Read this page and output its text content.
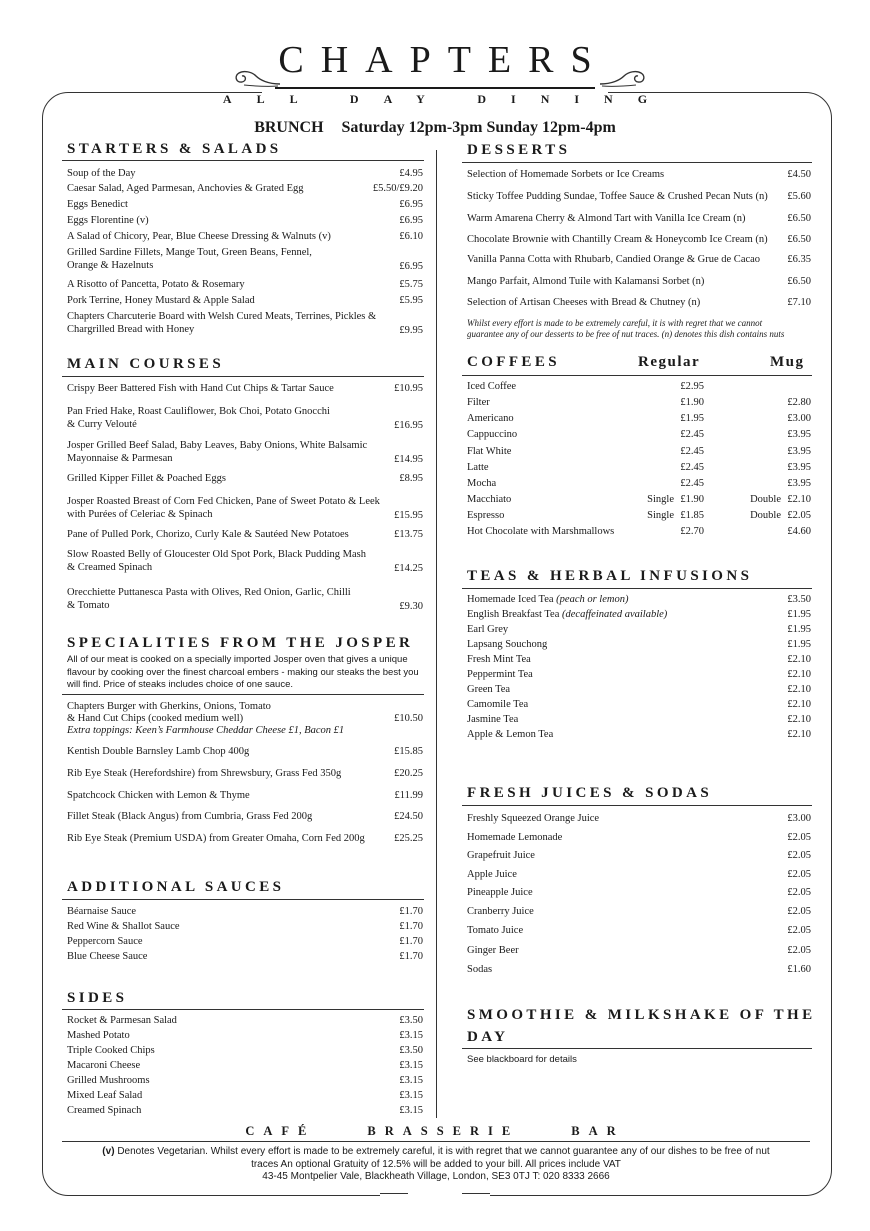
CHAPTERS
ALL DAY DINING
BRUNCH Saturday 12pm-3pm Sunday 12pm-4pm
STARTERS & SALADS
Soup of the Day	£4.95
Caesar Salad, Aged Parmesan, Anchovies & Grated Egg	£5.50/£9.20
Eggs Benedict	£6.95
Eggs Florentine (v)	£6.95
A Salad of Chicory, Pear, Blue Cheese Dressing & Walnuts (v)	£6.10
Grilled Sardine Fillets, Mange Tout, Green Beans, Fennel,
Orange & Hazelnuts	£6.95
A Risotto of Pancetta, Potato & Rosemary	£5.75
Pork Terrine, Honey Mustard & Apple Salad	£5.95
Chapters Charcuterie Board with Welsh Cured Meats, Terrines, Pickles &
Chargrilled Bread with Honey	£9.95
MAIN COURSES
Crispy Beer Battered Fish with Hand Cut Chips & Tartar Sauce	£10.95
Pan Fried Hake, Roast Cauliflower, Bok Choi, Potato Gnocchi
& Curry Velouté	£16.95
Josper Grilled Beef Salad, Baby Leaves, Baby Onions, White Balsamic
Mayonnaise & Parmesan	£14.95
Grilled Kipper Fillet & Poached Eggs	£8.95
Josper Roasted Breast of Corn Fed Chicken, Pane of Sweet Potato & Leek
with Purées of Celeriac & Spinach	£15.95
Pane of Pulled Pork, Chorizo, Curly Kale & Sautéed New Potatoes	£13.75
Slow Roasted Belly of Gloucester Old Spot Pork, Black Pudding Mash
& Creamed Spinach	£14.25
Orecchiette Puttanesca Pasta with Olives, Red Onion, Garlic, Chilli
& Tomato	£9.30
SPECIALITIES FROM THE JOSPER
All of our meat is cooked on a specially imported Josper oven that gives a unique flavour by cooking over the finest charcoal embers - making our steaks the best you will find. Price of steaks includes choice of one sauce.
Chapters Burger with Gherkins, Onions, Tomato
& Hand Cut Chips (cooked medium well)
Extra toppings: Keen’s Farmhouse Cheddar Cheese £1, Bacon £1
£10.50
Kentish Double Barnsley Lamb Chop 400g	£15.85
Rib Eye Steak (Herefordshire) from Shrewsbury, Grass Fed 350g	£20.25
Spatchcock Chicken with Lemon & Thyme	£11.99
Fillet Steak (Black Angus) from Cumbria, Grass Fed 200g	£24.50
Rib Eye Steak (Premium USDA) from Greater Omaha, Corn Fed 200g	£25.25
ADDITIONAL SAUCES
Béarnaise Sauce	£1.70
Red Wine & Shallot Sauce	£1.70
Peppercorn Sauce	£1.70
Blue Cheese Sauce	£1.70
SIDES
Rocket & Parmesan Salad	£3.50
Mashed Potato	£3.15
Triple Cooked Chips	£3.50
Macaroni Cheese	£3.15
Grilled Mushrooms	£3.15
Mixed Leaf Salad	£3.15
Creamed Spinach	£3.15
DESSERTS
Selection of Homemade Sorbets or Ice Creams	£4.50
Sticky Toffee Pudding Sundae, Toffee Sauce & Crushed Pecan Nuts (n) £5.60
Warm Amarena Cherry & Almond Tart with Vanilla Ice Cream (n)	£6.50
Chocolate Brownie with Chantilly Cream & Honeycomb Ice Cream (n) £6.50
Vanilla Panna Cotta with Rhubarb, Candied Orange & Grue de Cacao	£6.35
Mango Parfait, Almond Tuile with Kalamansi Sorbet (n)	£6.50
Selection of Artisan Cheeses with Bread & Chutney (n)	£7.10
Whilst every effort is made to be extremely careful, it is with regret that we cannot
guarantee any of our desserts to be free of nut traces. (n) denotes this dish contains nuts
COFFEES	Regular	Mug
Iced Coffee	£2.95
Filter	£1.90	£2.80
Americano	£1.95	£3.00
Cappuccino	£2.45	£3.95
Flat White	£2.45	£3.95
Latte	£2.45	£3.95
Mocha	£2.45	£3.95
Macchiato	Single £1.90	Double £2.10
Espresso	Single £1.85	Double £2.05
Hot Chocolate with Marshmallows	£2.70	£4.60
TEAS & HERBAL INFUSIONS
Homemade Iced Tea (peach or lemon)	£3.50
English Breakfast Tea (decaffeinated available)	£1.95
Earl Grey	£1.95
Lapsang Souchong	£1.95
Fresh Mint Tea	£2.10
Peppermint Tea	£2.10
Green Tea	£2.10
Camomile Tea	£2.10
Jasmine Tea	£2.10
Apple & Lemon Tea	£2.10
FRESH JUICES & SODAS
Freshly Squeezed Orange Juice	£3.00
Homemade Lemonade	£2.05
Grapefruit Juice	£2.05
Apple Juice	£2.05
Pineapple Juice	£2.05
Cranberry Juice	£2.05
Tomato Juice	£2.05
Ginger Beer	£2.05
Sodas	£1.60
SMOOTHIE & MILKSHAKE OF THE
DAY
See blackboard for details
CAFÉ	BRASSERIE	BAR
(v) Denotes Vegetarian. Whilst every effort is made to be extremely careful, it is with regret that we cannot guarantee any of our dishes to be free of nut
traces An optional Gratuity of 12.5% will be added to your bill. All prices include VAT
43-45 Montpelier Vale, Blackheath Village, London, SE3 0TJ T: 020 8333 2666
